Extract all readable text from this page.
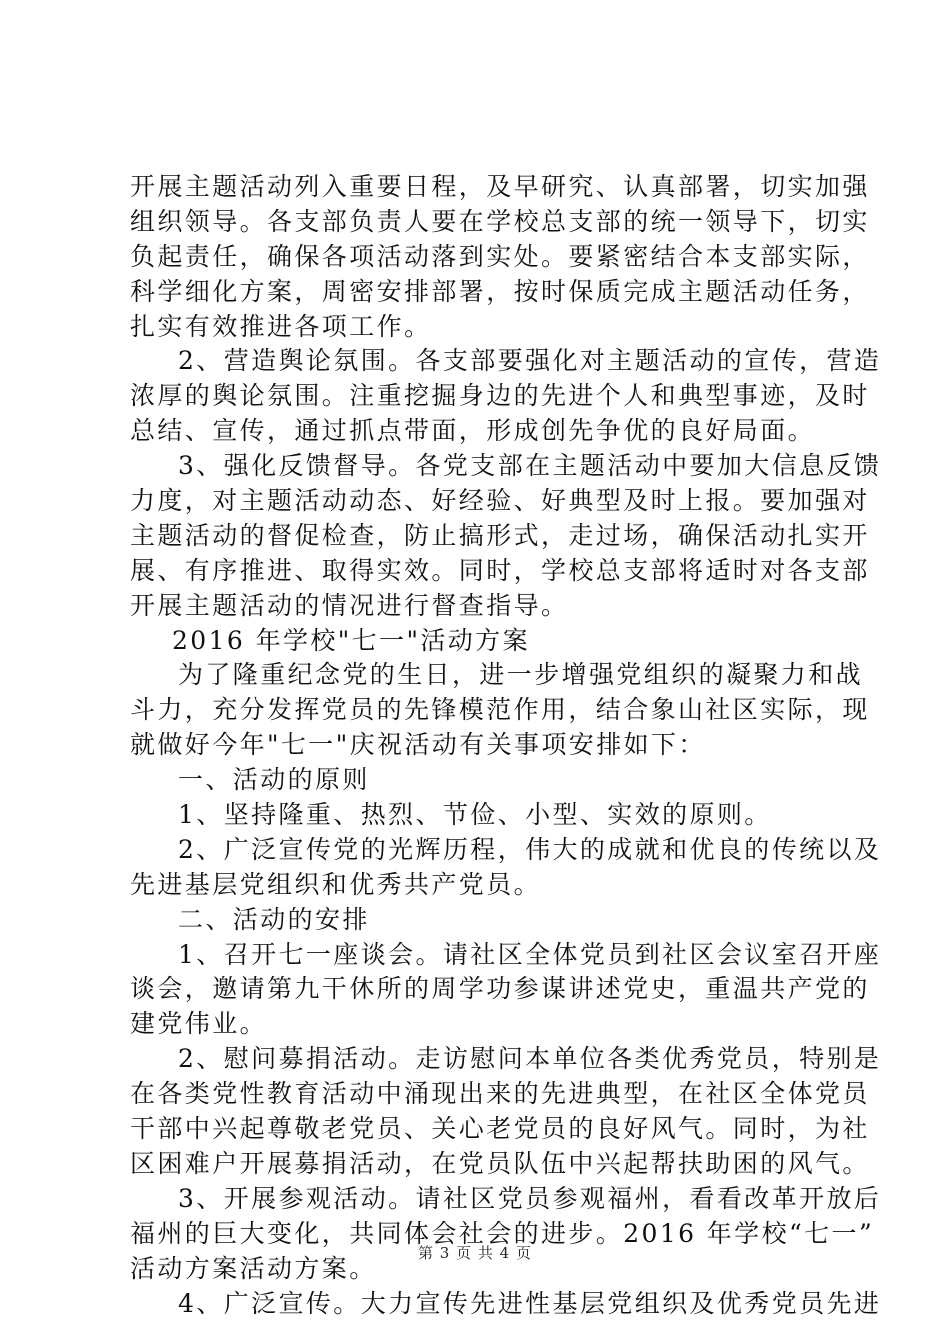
开展主题活动列入重要日程，及早研究、认真部署，切实加强
组织领导。各支部负责人要在学校总支部的统一领导下，切实
负起责任，确保各项活动落到实处。要紧密结合本支部实际，
科学细化方案，周密安排部署，按时保质完成主题活动任务，
扎实有效推进各项工作。
2、营造舆论氛围。各支部要强化对主题活动的宣传，营造
浓厚的舆论氛围。注重挖掘身边的先进个人和典型事迹，及时
总结、宣传，通过抓点带面，形成创先争优的良好局面。
3、强化反馈督导。各党支部在主题活动中要加大信息反馈
力度，对主题活动动态、好经验、好典型及时上报。要加强对
主题活动的督促检查，防止搞形式，走过场，确保活动扎实开
展、有序推进、取得实效。同时，学校总支部将适时对各支部
开展主题活动的情况进行督查指导。
2016 年学校"七一"活动方案
为了隆重纪念党的生日，进一步增强党组织的凝聚力和战
斗力，充分发挥党员的先锋模范作用，结合象山社区实际，现
就做好今年"七一"庆祝活动有关事项安排如下：
一、活动的原则
1、坚持隆重、热烈、节俭、小型、实效的原则。
2、广泛宣传党的光辉历程，伟大的成就和优良的传统以及
先进基层党组织和优秀共产党员。
二、活动的安排
1、召开七一座谈会。请社区全体党员到社区会议室召开座
谈会，邀请第九干休所的周学功参谋讲述党史，重温共产党的
建党伟业。
2、慰问募捐活动。走访慰问本单位各类优秀党员，特别是
在各类党性教育活动中涌现出来的先进典型，在社区全体党员
干部中兴起尊敬老党员、关心老党员的良好风气。同时，为社
区困难户开展募捐活动，在党员队伍中兴起帮扶助困的风气。
3、开展参观活动。请社区党员参观福州，看看改革开放后
福州的巨大变化，共同体会社会的进步。2016 年学校“七一”
活动方案活动方案。
4、广泛宣传。大力宣传先进性基层党组织及优秀党员先进
第 3 页 共 4 页
